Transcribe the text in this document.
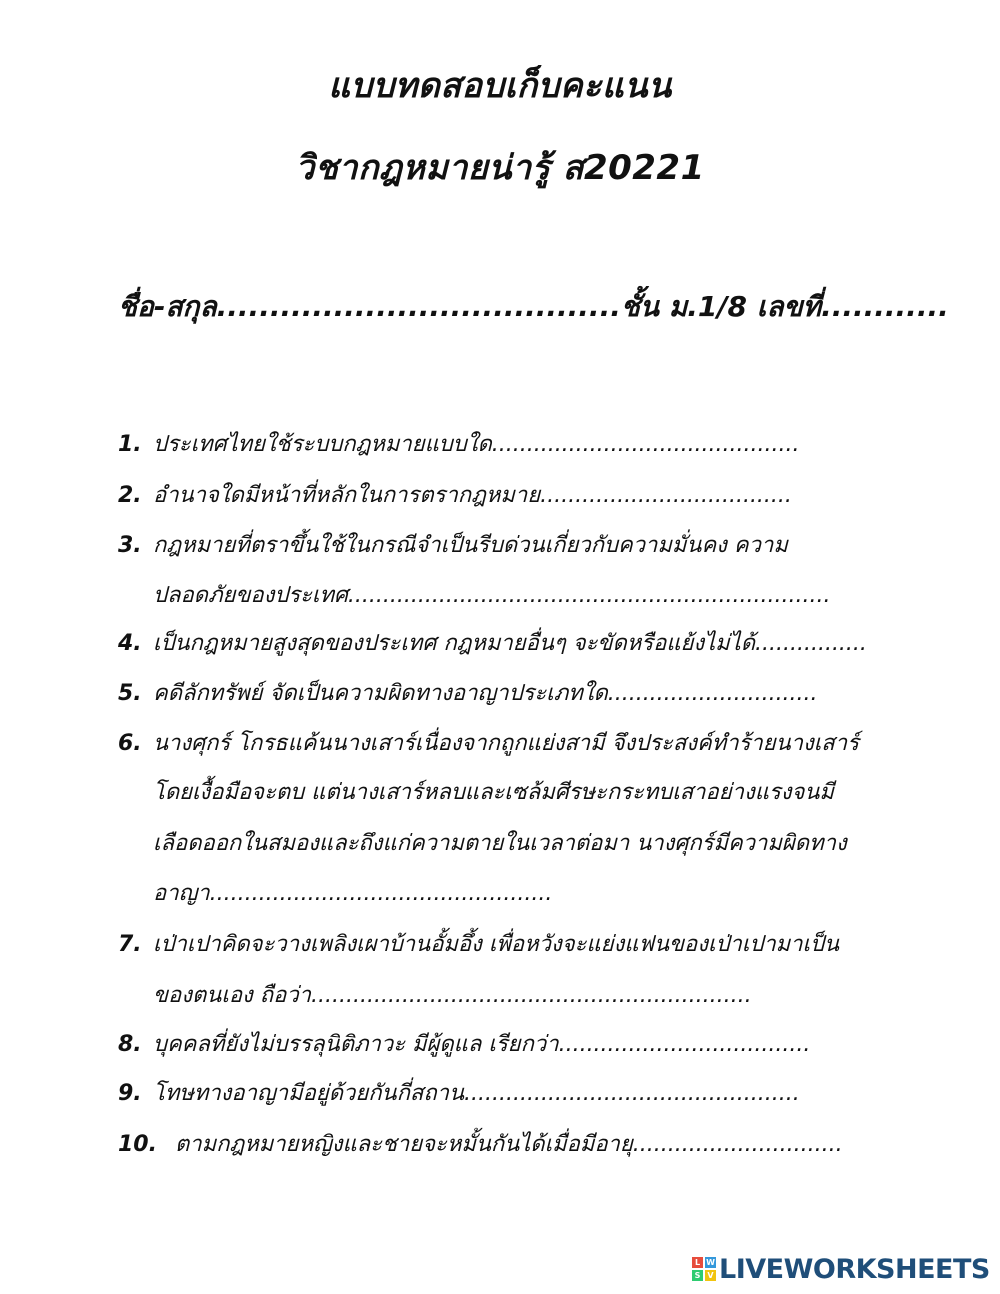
แบบทดสอบเก็บคะแนน
วิชากฎหมายน่ารู้ ส20221
ชื่อ-สกุล......................................ชั้น ม.1/8 เลขที่............
1. ประเทศไทยใช้ระบบกฎหมายแบบใด............................................
2. อำนาจใดมีหน้าที่หลักในการตรากฎหมาย....................................
3. กฎหมายที่ตราขึ้นใช้ในกรณีจำเป็นรีบด่วนเกี่ยวกับความมั่นคง ความ
ปลอดภัยของประเทศ.....................................................................
4. เป็นกฎหมายสูงสุดของประเทศ กฎหมายอื่นๆ จะขัดหรือแย้งไม่ได้................
5. คดีลักทรัพย์ จัดเป็นความผิดทางอาญาประเภทใด..............................
6. นางศุกร์ โกรธแค้นนางเสาร์เนื่องจากถูกแย่งสามี จึงประสงค์ทำร้ายนางเสาร์
โดยเงื้อมือจะตบ แต่นางเสาร์หลบและเซล้มศีรษะกระทบเสาอย่างแรงจนมี
เลือดออกในสมองและถึงแก่ความตายในเวลาต่อมา นางศุกร์มีความผิดทาง
อาญา.................................................
7. เป่าเปาคิดจะวางเพลิงเผาบ้านอั้มอึ้ง เพื่อหวังจะแย่งแฟนของเป่าเปามาเป็น
ของตนเอง ถือว่า...............................................................
8. บุคคลที่ยังไม่บรรลุนิติภาวะ มีผู้ดูแล เรียกว่า....................................
9. โทษทางอาญามีอยู่ด้วยกันกี่สถาน................................................
10. ตามกฎหมายหญิงและชายจะหมั้นกันได้เมื่อมีอายุ..............................
L W
S V LIVEWORKSHEETS
